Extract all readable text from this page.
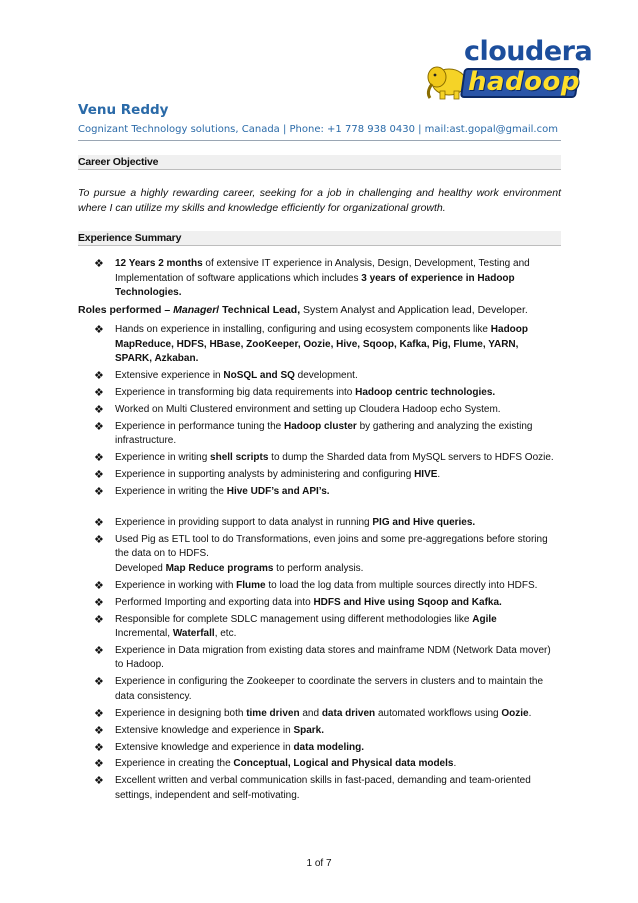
cloudera
hadoop
Venu Reddy
Cognizant Technology solutions, Canada | Phone: +1 778 938 0430 | mail:ast.gopal@gmail.com
Career Objective
To pursue a highly rewarding career, seeking for a job in challenging and healthy work environment where I can utilize my skills and knowledge efficiently for organizational growth.
Experience Summary
❖ 12 Years 2 months of extensive IT experience in Analysis, Design, Development, Testing and Implementation of software applications which includes 3 years of experience in Hadoop Technologies.
Roles performed – Manager/ Technical Lead, System Analyst and Application lead, Developer.
❖ Hands on experience in installing, configuring and using ecosystem components like Hadoop MapReduce, HDFS, HBase, ZooKeeper, Oozie, Hive, Sqoop, Kafka, Pig, Flume, YARN, SPARK, Azkaban.
❖ Extensive experience in NoSQL and SQ development.
❖ Experience in transforming big data requirements into Hadoop centric technologies.
❖ Worked on Multi Clustered environment and setting up Cloudera Hadoop echo System.
❖ Experience in performance tuning the Hadoop cluster by gathering and analyzing the existing infrastructure.
❖ Experience in writing shell scripts to dump the Sharded data from MySQL servers to HDFS Oozie.
❖ Experience in supporting analysts by administering and configuring HIVE.
❖ Experience in writing the Hive UDF’s and API’s.
❖ Experience in providing support to data analyst in running PIG and Hive queries.
❖ Used Pig as ETL tool to do Transformations, even joins and some pre-aggregations before storing the data on to HDFS.
Developed Map Reduce programs to perform analysis.
❖ Experience in working with Flume to load the log data from multiple sources directly into HDFS.
❖ Performed Importing and exporting data into HDFS and Hive using Sqoop and Kafka.
❖ Responsible for complete SDLC management using different methodologies like Agile Incremental, Waterfall, etc.
❖ Experience in Data migration from existing data stores and mainframe NDM (Network Data mover) to Hadoop.
❖ Experience in configuring the Zookeeper to coordinate the servers in clusters and to maintain the data consistency.
❖ Experience in designing both time driven and data driven automated workflows using Oozie.
❖ Extensive knowledge and experience in Spark.
❖ Extensive knowledge and experience in data modeling.
❖ Experience in creating the Conceptual, Logical and Physical data models.
❖ Excellent written and verbal communication skills in fast-paced, demanding and team-oriented settings, independent and self-motivating.
1 of 7
